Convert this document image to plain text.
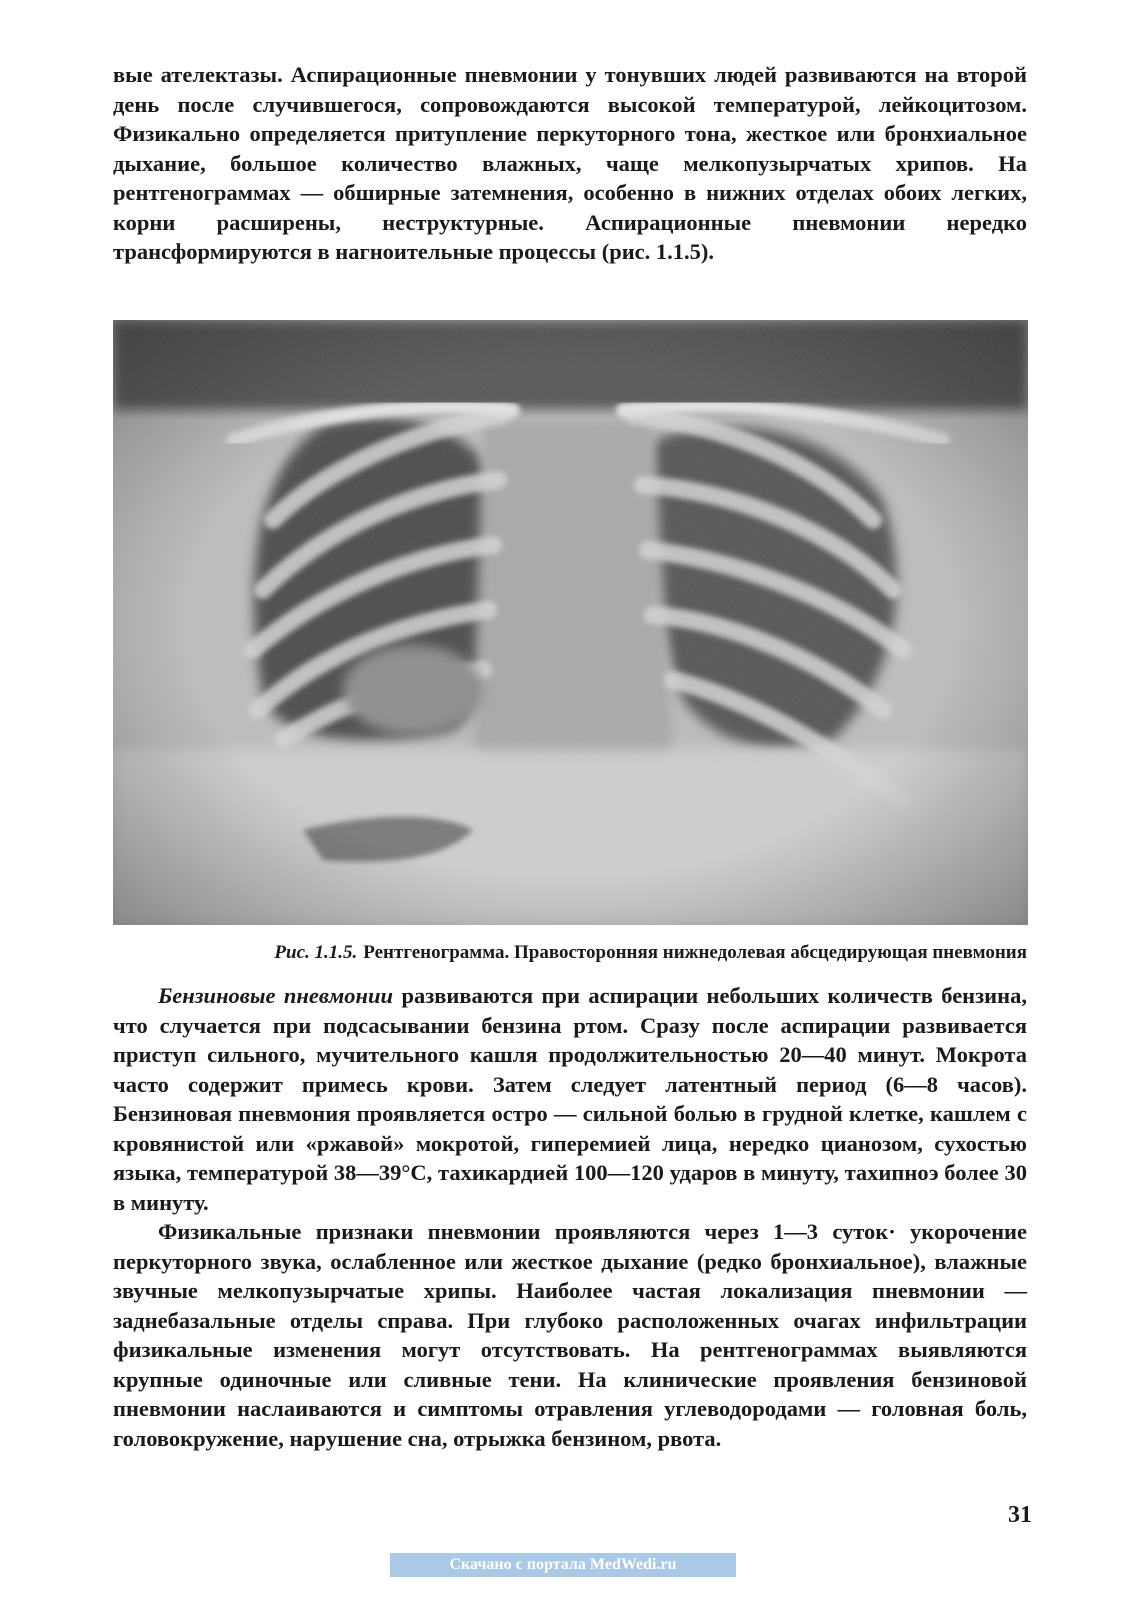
вые ателектазы. Аспирационные пневмонии у тонувших людей развиваются на второй день после случившегося, сопровождаются высокой температурой, лейкоцитозом. Физикально определяется притупление перкуторного тона, жесткое или бронхиальное дыхание, большое количество влажных, чаще мелкопузырчатых хрипов. На рентгенограммах — обширные затемнения, особенно в нижних отделах обоих легких, корни расширены, неструктурные. Аспирационные пневмонии нередко трансформируются в нагноительные процессы (рис. 1.1.5).

Рис. 1.1.5. Рентгенограмма. Правосторонняя нижнедолевая абсцедирующая пневмония

Бензиновые пневмонии развиваются при аспирации небольших количеств бензина, что случается при подсасывании бензина ртом. Сразу после аспирации развивается приступ сильного, мучительного кашля продолжительностью 20—40 минут. Мокрота часто содержит примесь крови. Затем следует латентный период (6—8 часов). Бензиновая пневмония проявляется остро — сильной болью в грудной клетке, кашлем с кровянистой или «ржавой» мокротой, гиперемией лица, нередко цианозом, сухостью языка, температурой 38—39°С, тахикардией 100—120 ударов в минуту, тахипноэ более 30 в минуту.

Физикальные признаки пневмонии проявляются через 1—3 суток· укорочение перкуторного звука, ослабленное или жесткое дыхание (редко бронхиальное), влажные звучные мелкопузырчатые хрипы. Наиболее частая локализация пневмонии — заднебазальные отделы справа. При глубоко расположенных очагах инфильтрации физикальные изменения могут отсутствовать. На рентгенограммах выявляются крупные одиночные или сливные тени. На клинические проявления бензиновой пневмонии наслаиваются и симптомы отравления углеводородами — головная боль, головокружение, нарушение сна, отрыжка бензином, рвота.

31
Скачано с портала MedWedi.ru
